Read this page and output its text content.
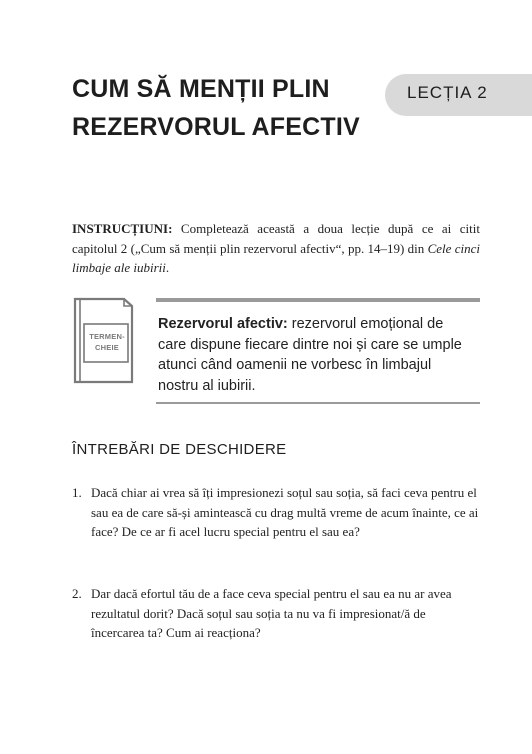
CUM SĂ MENȚII PLIN
REZERVORUL AFECTIV
LECȚIA 2

INSTRUCȚIUNI: Completează această a doua lecție după ce ai citit capitolul 2 („Cum să menții plin rezervorul afectiv“, pp. 14–19) din Cele cinci limbaje ale iubirii.

TERMEN-
CHEIE

Rezervorul afectiv: rezervorul emoțional de care dispune fiecare dintre noi și care se umple atunci când oamenii ne vorbesc în limbajul nostru al iubirii.

ÎNTREBĂRI DE DESCHIDERE
1. Dacă chiar ai vrea să îți impresionezi soțul sau soția, să faci ceva pentru el sau ea de care să-și amintească cu drag multă vreme de acum înainte, ce ai face? De ce ar fi acel lucru special pentru el sau ea?
2. Dar dacă efortul tău de a face ceva special pentru el sau ea nu ar avea rezultatul dorit? Dacă soțul sau soția ta nu va fi impresionat/ă de încercarea ta? Cum ai reacționa?
